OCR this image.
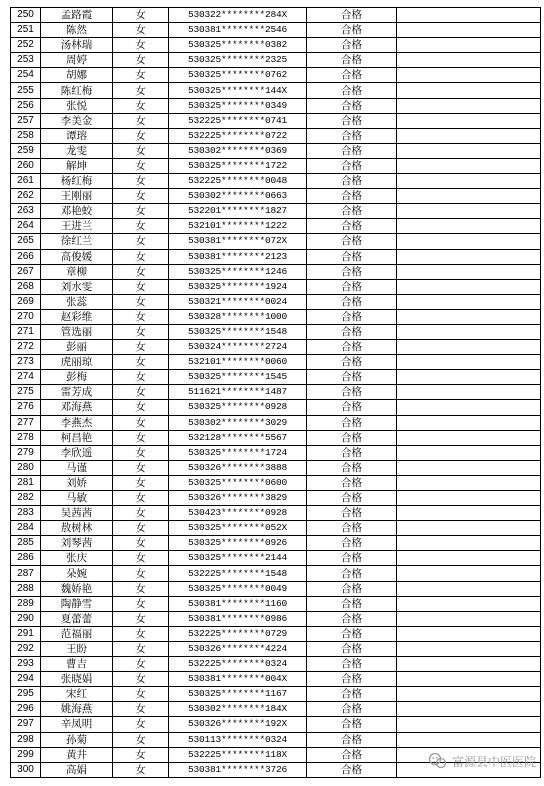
250	孟路霞	女	530322********284X	合格	
251	陈然	女	530381********2546	合格	
252	汤林瑞	女	530325********0382	合格	
253	周婷	女	530325********2325	合格	
254	胡娜	女	530325********0762	合格	
255	陈红梅	女	530325********144X	合格	
256	张悦	女	530325********0349	合格	
257	李美金	女	532225********0741	合格	
258	谭瑢	女	532225********0722	合格	
259	龙雯	女	530302********0369	合格	
260	解坤	女	530325********1722	合格	
261	杨红梅	女	532225********0048	合格	
262	王刚丽	女	530302********0663	合格	
263	邓艳蛟	女	532201********1827	合格	
264	王进兰	女	532101********1222	合格	
265	徐红兰	女	530381********072X	合格	
266	高俊媛	女	530381********2123	合格	
267	章柳	女	530325********1246	合格	
268	刘水雯	女	530325********1924	合格	
269	张蕊	女	530321********0024	合格	
270	赵彩维	女	530328********1000	合格	
271	管选丽	女	530325********1548	合格	
272	彭丽	女	530324********2724	合格	
273	虎丽琼	女	532101********0060	合格	
274	彭梅	女	530325********1545	合格	
275	雷芳成	女	511621********1487	合格	
276	邓海燕	女	530325********0928	合格	
277	李燕杰	女	530302********3029	合格	
278	柯昌艳	女	532128********5567	合格	
279	李欣遥	女	530325********1724	合格	
280	马谨	女	530326********3888	合格	
281	刘娇	女	530325********0600	合格	
282	马敏	女	530326********3829	合格	
283	吴茜茜	女	530423********0928	合格	
284	敖树林	女	530325********052X	合格	
285	刘琴茜	女	530325********0926	合格	
286	张庆	女	530325********2144	合格	
287	朵婉	女	532225********1548	合格	
288	魏娇艳	女	530325********0049	合格	
289	陶静雪	女	530381********1160	合格	
290	夏蕾蕾	女	530381********0986	合格	
291	范福丽	女	532225********0729	合格	
292	王盼	女	530326********4224	合格	
293	曹吉	女	532225********0324	合格	
294	张晓娟	女	530381********004X	合格	
295	宋红	女	530325********1167	合格	
296	姚海燕	女	530302********184X	合格	
297	辛凤明	女	530326********192X	合格	
298	孙菊	女	530113********0324	合格	
299	黄井	女	532225********118X	合格	
300	高娟	女	530381********3726	合格	
富源县中医医院
